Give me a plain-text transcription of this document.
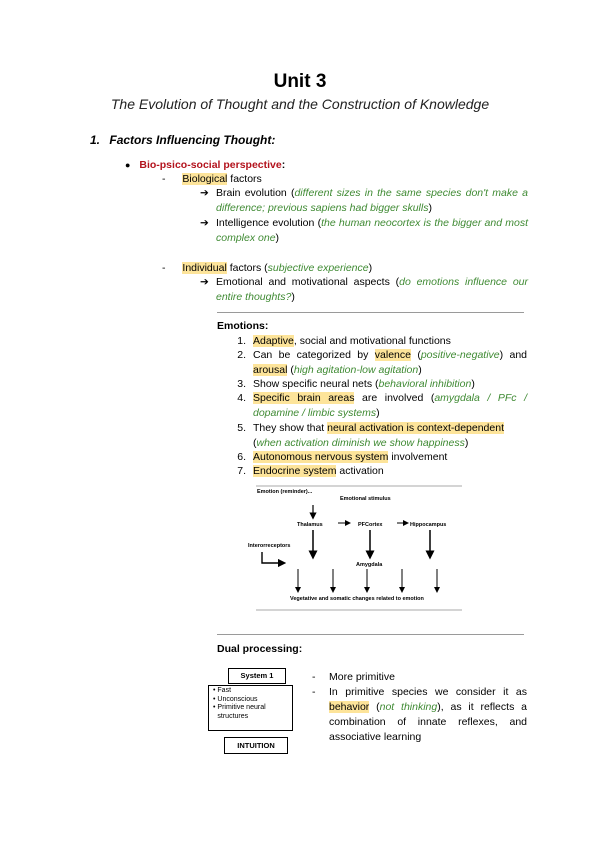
Unit 3
The Evolution of Thought and the Construction of Knowledge
1. Factors Influencing Thought:
● Bio-psico-social perspective:
- Biological factors
➔ Brain evolution (different sizes in the same species don't make a difference; previous sapiens had bigger skulls)
➔ Intelligence evolution (the human neocortex is the bigger and most complex one)
- Individual factors (subjective experience)
➔ Emotional and motivational aspects (do emotions influence our entire thoughts?)
Emotions:
1. Adaptive, social and motivational functions
2. Can be categorized by valence (positive-negative) and arousal (high agitation-low agitation)
3. Show specific neural nets (behavioral inhibition)
4. Specific brain areas are involved (amygdala / PFc / dopamine / limbic systems)
5. They show that neural activation is context-dependent
(when activation diminish we show happiness)
6. Autonomous nervous system involvement
7. Endocrine system activation
Emotion (reminder)...
Emotional stimulus
Thalamus	PFCortex	Hippocampus
Interorreceptors
Amygdala
Vegetative and somatic changes related to emotion
Dual processing:
System 1
• Fast
• Unconscious
• Primitive neural structures
INTUITION
- More primitive
- In primitive species we consider it as behavior (not thinking), as it reflects a combination of innate reflexes, and associative learning
